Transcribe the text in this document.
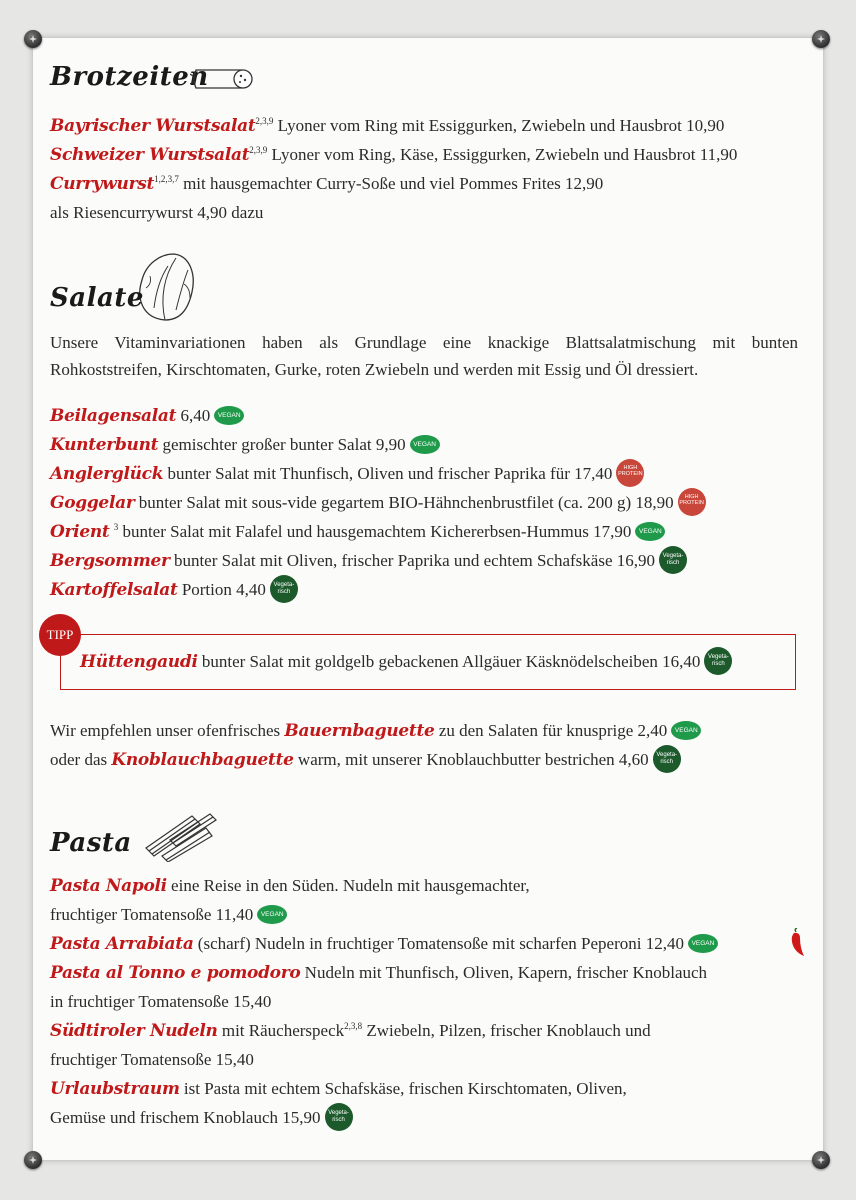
Brotzeiten
Bayrischer Wurstsalat$^{2,3,9}$ Lyoner vom Ring mit Essiggurken, Zwiebeln und Hausbrot 10,90
Schweizer Wurstsalat$^{2,3,9}$ Lyoner vom Ring, Käse, Essiggurken, Zwiebeln und Hausbrot 11,90
Currywurst$^{1,2,3,7}$ mit hausgemachter Curry-Soße und viel Pommes Frites 12,90
als Riesencurrywurst 4,90 dazu
Salate
Unsere Vitaminvariationen haben als Grundlage eine knackige Blattsalatmischung mit bunten
Rohkoststreifen, Kirschtomaten, Gurke, roten Zwiebeln und werden mit Essig und Öl dressiert.
Beilagensalat 6,40 VEGAN
Kunterbunt gemischter großer bunter Salat 9,90 VEGAN
Anglerglück bunter Salat mit Thunfisch, Oliven und frischer Paprika für 17,40 HIGH
PROTEIN
Goggelar bunter Salat mit sous-vide gegartem BIO-Hähnchenbrustfilet (ca. 200 g) 18,90 HIGH
PROTEIN
Orient $^3$ bunter Salat mit Falafel und hausgemachtem Kichererbsen-Hummus 17,90 VEGAN
Bergsommer bunter Salat mit Oliven, frischer Paprika und echtem Schafskäse 16,90 Vegeta-
risch
Kartoffelsalat Portion 4,40 Vegeta-
risch
TIPP
Hüttengaudi bunter Salat mit goldgelb gebackenen Allgäuer Käsknödelscheiben 16,40 Vegeta-
risch
Wir empfehlen unser ofenfrisches Bauernbaguette zu den Salaten für knusprige 2,40 VEGAN
oder das Knoblauchbaguette warm, mit unserer Knoblauchbutter bestrichen 4,60 Vegeta-
risch
Pasta
Pasta Napoli eine Reise in den Süden. Nudeln mit hausgemachter,
fruchtiger Tomatensoße 11,40 VEGAN
Pasta Arrabiata (scharf) Nudeln in fruchtiger Tomatensoße mit scharfen Peperoni 12,40 VEGAN
Pasta al Tonno e pomodoro Nudeln mit Thunfisch, Oliven, Kapern, frischer Knoblauch
in fruchtiger Tomatensoße 15,40
Südtiroler Nudeln mit Räucherspeck$^{2,3,8}$ Zwiebeln, Pilzen, frischer Knoblauch und
fruchtiger Tomatensoße 15,40
Urlaubstraum ist Pasta mit echtem Schafskäse, frischen Kirschtomaten, Oliven,
Gemüse und frischem Knoblauch 15,90 Vegeta-
risch
